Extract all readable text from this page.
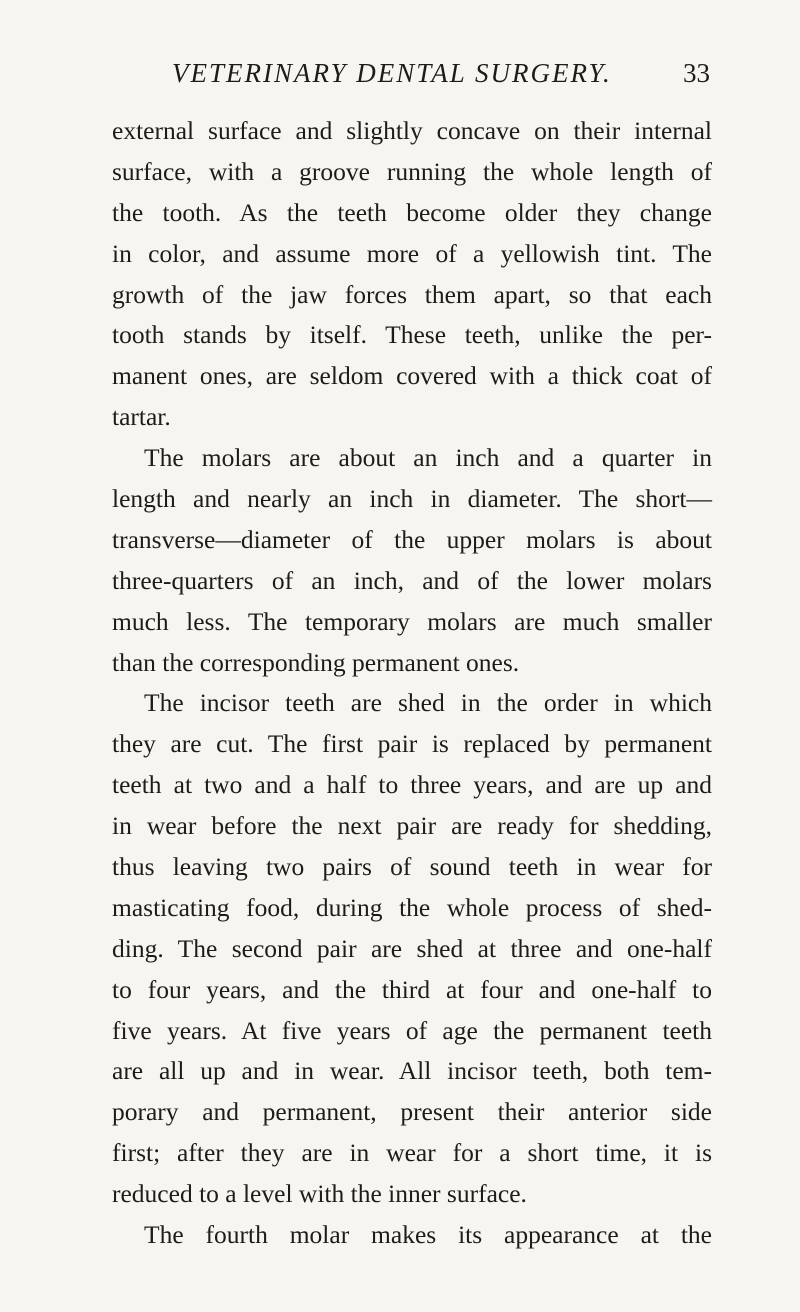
VETERINARY DENTAL SURGERY.	33
external surface and slightly concave on their internal
surface, with a groove running the whole length of
the tooth. As the teeth become older they change
in color, and assume more of a yellowish tint. The
growth of the jaw forces them apart, so that each
tooth stands by itself. These teeth, unlike the per-
manent ones, are seldom covered with a thick coat of
tartar.
The molars are about an inch and a quarter in
length and nearly an inch in diameter. The short—
transverse—diameter of the upper molars is about
three-quarters of an inch, and of the lower molars
much less. The temporary molars are much smaller
than the corresponding permanent ones.
The incisor teeth are shed in the order in which
they are cut. The first pair is replaced by permanent
teeth at two and a half to three years, and are up and
in wear before the next pair are ready for shedding,
thus leaving two pairs of sound teeth in wear for
masticating food, during the whole process of shed-
ding. The second pair are shed at three and one-half
to four years, and the third at four and one-half to
five years. At five years of age the permanent teeth
are all up and in wear. All incisor teeth, both tem-
porary and permanent, present their anterior side
first; after they are in wear for a short time, it is
reduced to a level with the inner surface.
The fourth molar makes its appearance at the
